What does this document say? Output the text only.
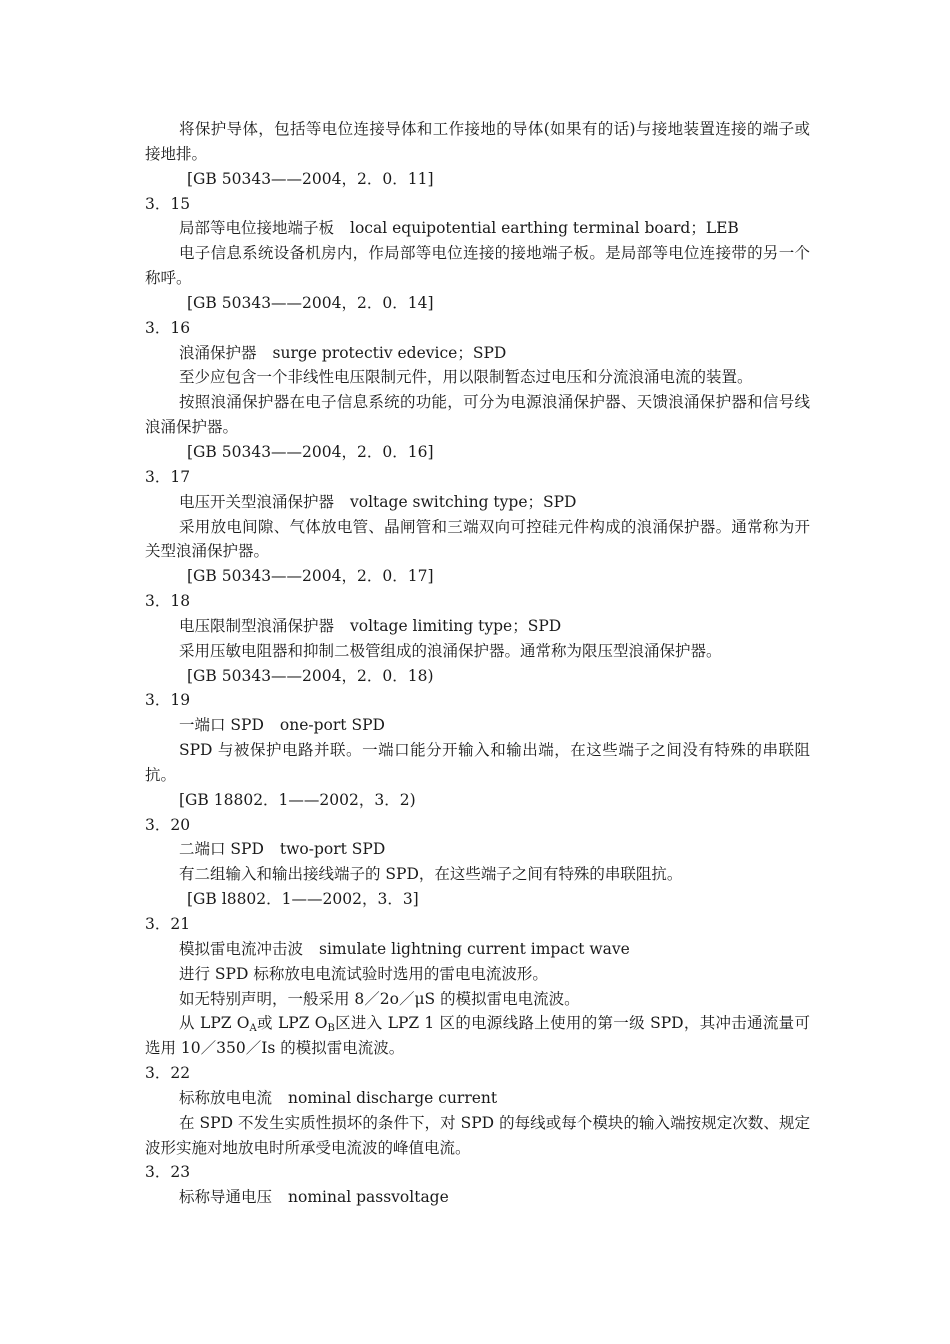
将保护导体，包括等电位连接导体和工作接地的导体(如果有的话)与接地装置连接的端子或接地排。

[GB 50343——2004，2．0．11]

3．15

局部等电位接地端子板 local equipotential earthing terminal board；LEB

电子信息系统设备机房内，作局部等电位连接的接地端子板。是局部等电位连接带的另一个称呼。

[GB 50343——2004，2．0．14]

3．16

浪涌保护器 surge protectiv edevice；SPD

至少应包含一个非线性电压限制元件，用以限制暂态过电压和分流浪涌电流的装置。

按照浪涌保护器在电子信息系统的功能，可分为电源浪涌保护器、天馈浪涌保护器和信号线浪涌保护器。

[GB 50343——2004，2．0．16]

3．17

电压开关型浪涌保护器 voltage switching type；SPD

采用放电间隙、气体放电管、晶闸管和三端双向可控硅元件构成的浪涌保护器。通常称为开关型浪涌保护器。

[GB 50343——2004，2．0．17]

3．18

电压限制型浪涌保护器 voltage limiting type；SPD

采用压敏电阻器和抑制二极管组成的浪涌保护器。通常称为限压型浪涌保护器。

[GB 50343——2004，2．0．18)

3．19

一端口 SPD one-port SPD

SPD 与被保护电路并联。一端口能分开输入和输出端，在这些端子之间没有特殊的串联阻抗。

[GB 18802．1——2002，3．2)

3．20

二端口 SPD two-port SPD

有二组输入和输出接线端子的 SPD，在这些端子之间有特殊的串联阻抗。

[GB l8802．1——2002，3．3]

3．21

模拟雷电流冲击波 simulate lightning current impact wave

进行 SPD 标称放电电流试验时选用的雷电电流波形。

如无特别声明，一般采用 8／2ο／μS 的模拟雷电电流波。

从 LPZ $O_A$或 LPZ $O_B$区进入 LPZ 1 区的电源线路上使用的第一级 SPD，其冲击通流量可选用 10／350／Is 的模拟雷电流波。

3．22

标称放电电流 nominal discharge current

在 SPD 不发生实质性损坏的条件下，对 SPD 的每线或每个模块的输入端按规定次数、规定波形实施对地放电时所承受电流波的峰值电流。

3．23

标称导通电压 nominal passvoltage
